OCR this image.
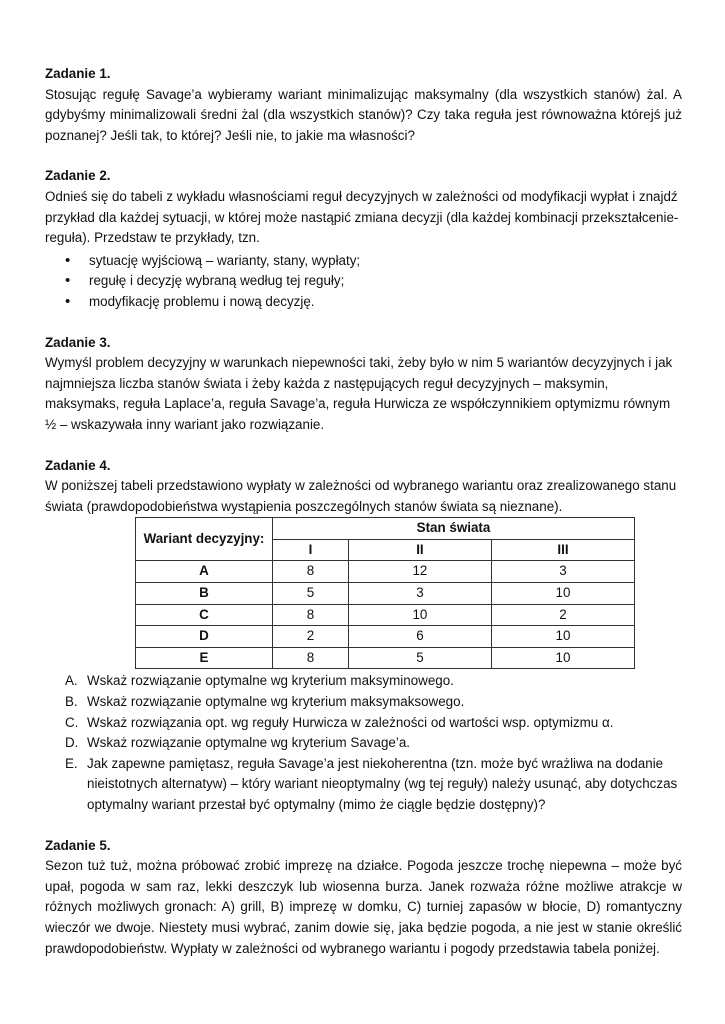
Zadanie 1.

Stosując regułę Savage’a wybieramy wariant minimalizując maksymalny (dla wszystkich stanów) żal. A gdybyśmy minimalizowali średni żal (dla wszystkich stanów)? Czy taka reguła jest równoważna którejś już poznanej? Jeśli tak, to której? Jeśli nie, to jakie ma własności?

Zadanie 2.

Odnieś się do tabeli z wykładu własnościami reguł decyzyjnych w zależności od modyfikacji wypłat i znajdź przykład dla każdej sytuacji, w której może nastąpić zmiana decyzji (dla każdej kombinacji przekształcenie-reguła). Przedstaw te przykłady, tzn.

• sytuację wyjściową – warianty, stany, wypłaty;
• regułę i decyzję wybraną według tej reguły;
• modyfikację problemu i nową decyzję.
Zadanie 3.

Wymyśl problem decyzyjny w warunkach niepewności taki, żeby było w nim 5 wariantów decyzyjnych i jak najmniejsza liczba stanów świata i żeby każda z następujących reguł decyzyjnych – maksymin, maksymaks, reguła Laplace’a, reguła Savage’a, reguła Hurwicza ze współczynnikiem optymizmu równym ½ – wskazywała inny wariant jako rozwiązanie.

Zadanie 4.

W poniższej tabeli przedstawiono wypłaty w zależności od wybranego wariantu oraz zrealizowanego stanu świata (prawdopodobieństwa wystąpienia poszczególnych stanów świata są nieznane).

Wariant decyzyjny:	Stan świata		
	I	II	III
A	8	12	3
B	5	3	10
C	8	10	2
D	2	6	10
E	8	5	10
A. Wskaż rozwiązanie optymalne wg kryterium maksyminowego.
B. Wskaż rozwiązanie optymalne wg kryterium maksymaksowego.
C. Wskaż rozwiązania opt. wg reguły Hurwicza w zależności od wartości wsp. optymizmu α.
D. Wskaż rozwiązanie optymalne wg kryterium Savage’a.
E. Jak zapewne pamiętasz, reguła Savage’a jest niekoherentna (tzn. może być wrażliwa na dodanie nieistotnych alternatyw) – który wariant nieoptymalny (wg tej reguły) należy usunąć, aby dotychczas optymalny wariant przestał być optymalny (mimo że ciągle będzie dostępny)?
Zadanie 5.

Sezon tuż tuż, można próbować zrobić imprezę na działce. Pogoda jeszcze trochę niepewna – może być upał, pogoda w sam raz, lekki deszczyk lub wiosenna burza. Janek rozważa różne możliwe atrakcje w różnych możliwych gronach: A) grill, B) imprezę w domku, C) turniej zapasów w błocie, D) romantyczny wieczór we dwoje. Niestety musi wybrać, zanim dowie się, jaka będzie pogoda, a nie jest w stanie określić prawdopodobieństw. Wypłaty w zależności od wybranego wariantu i pogody przedstawia tabela poniżej.
